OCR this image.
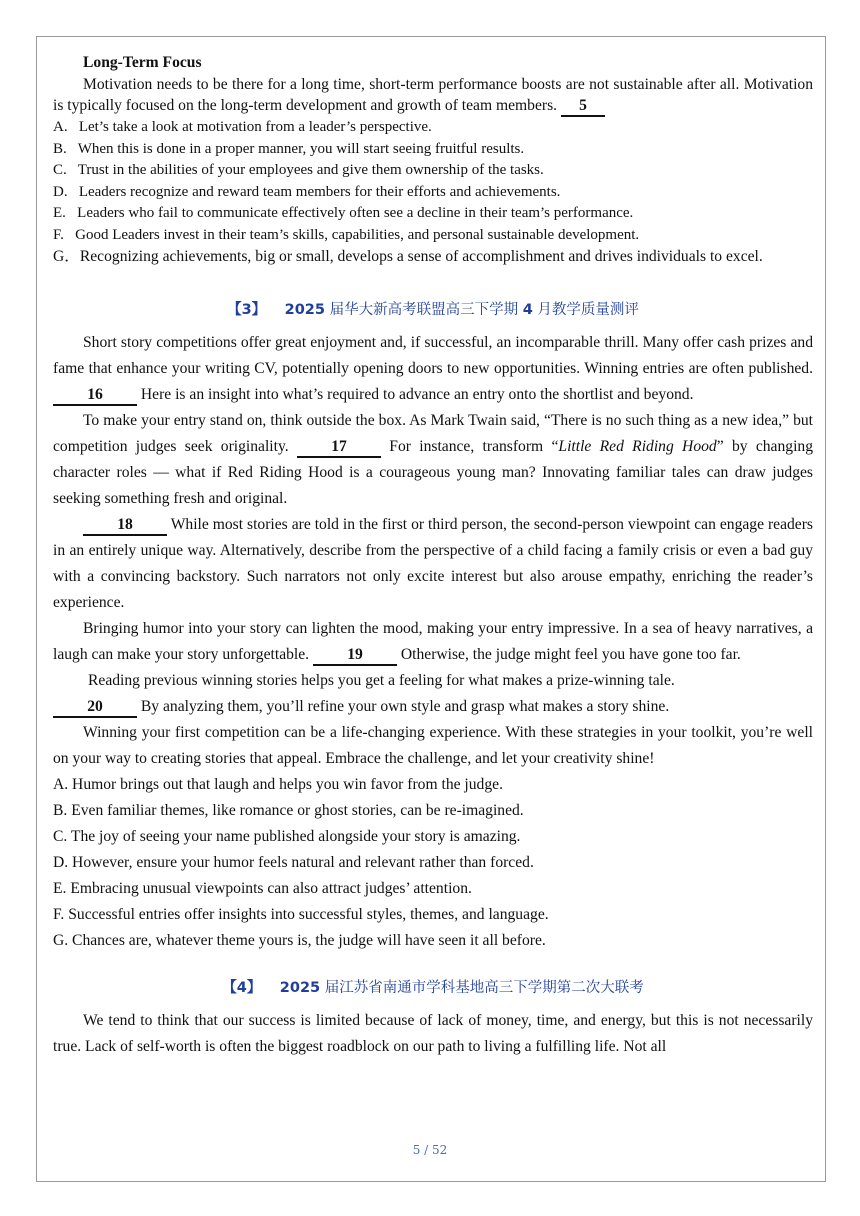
Long-Term Focus

Motivation needs to be there for a long time, short-term performance boosts are not sustainable after all. Motivation is typically focused on the long-term development and growth of team members. 5

A.   Let’s take a look at motivation from a leader’s perspective.

B.   When this is done in a proper manner, you will start seeing fruitful results.

C.   Trust in the abilities of your employees and give them ownership of the tasks.

D.   Leaders recognize and reward team members for their efforts and achievements.

E.   Leaders who fail to communicate effectively often see a decline in their team’s performance.

F.   Good Leaders invest in their team’s skills, capabilities, and personal sustainable development.

G．Recognizing achievements, big or small, develops a sense of accomplishment and drives individuals to excel.

【3】 2025 届华大新高考联盟高三下学期 4 月教学质量测评

Short story competitions offer great enjoyment and, if successful, an incomparable thrill. Many offer cash prizes and fame that enhance your writing CV, potentially opening doors to new opportunities. Winning entries are often published. 16 Here is an insight into what’s required to advance an entry onto the shortlist and beyond.

To make your entry stand on, think outside the box. As Mark Twain said, “There is no such thing as a new idea,” but competition judges seek originality.	17	For instance, transform “Little Red Riding Hood” by changing character roles — what if Red Riding Hood is a courageous young man? Innovating familiar tales can draw judges seeking something fresh and original.

18 While most stories are told in the first or third person, the second-person viewpoint can engage readers in an entirely unique way. Alternatively, describe from the perspective of a child facing a family crisis or even a bad guy with a convincing backstory. Such narrators not only excite interest but also arouse empathy, enriching the reader’s experience.

Bringing humor into your story can lighten the mood, making your entry impressive. In a sea of heavy narratives, a laugh can make your story unforgettable. 19 Otherwise, the judge might feel you have gone too far.

Reading previous winning stories helps you get a feeling for what makes a prize-winning tale.

20 By analyzing them, you’ll refine your own style and grasp what makes a story shine.

Winning your first competition can be a life-changing experience. With these strategies in your toolkit, you’re well on your way to creating stories that appeal. Embrace the challenge, and let your creativity shine!

A. Humor brings out that laugh and helps you win favor from the judge.

B. Even familiar themes, like romance or ghost stories, can be re-imagined.

C. The joy of seeing your name published alongside your story is amazing.

D. However, ensure your humor feels natural and relevant rather than forced.

E. Embracing unusual viewpoints can also attract judges’ attention.

F. Successful entries offer insights into successful styles, themes, and language.

G. Chances are, whatever theme yours is, the judge will have seen it all before.

【4】 2025 届江苏省南通市学科基地高三下学期第二次大联考

We tend to think that our success is limited because of lack of money, time, and energy, but this is not necessarily true. Lack of self-worth is often the biggest roadblock on our path to living a fulfilling life. Not all

5 / 52
